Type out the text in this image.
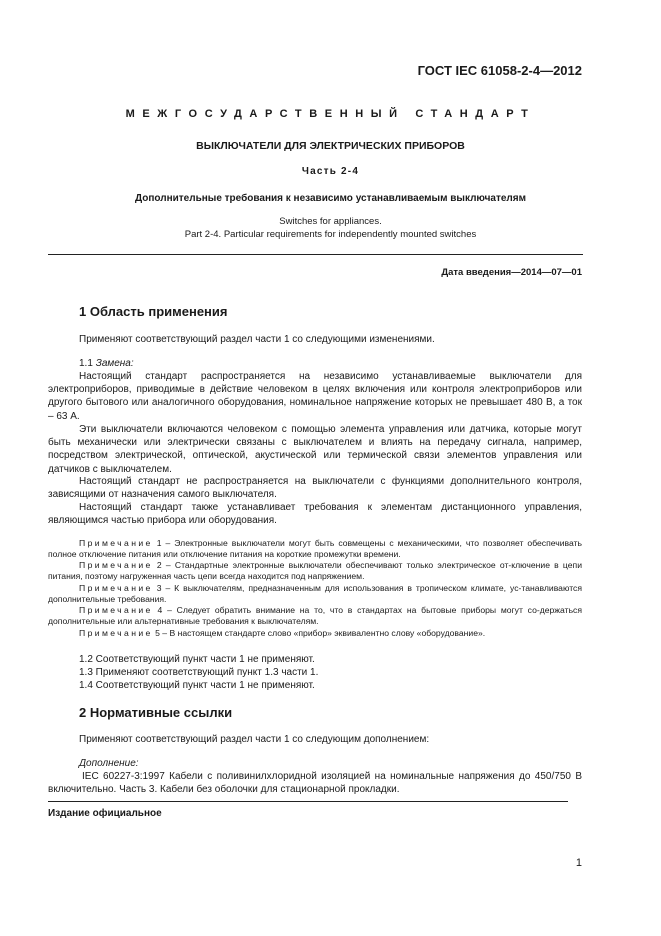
ГОСТ IEC 61058-2-4—2012
МЕЖГОСУДАРСТВЕННЫЙ СТАНДАРТ
ВЫКЛЮЧАТЕЛИ ДЛЯ ЭЛЕКТРИЧЕСКИХ ПРИБОРОВ
Часть 2-4
Дополнительные требования к независимо устанавливаемым выключателям
Switches for appliances.
Part 2-4. Particular requirements for independently mounted switches
Дата введения—2014—07—01
1 Область применения
Применяют соответствующий раздел части 1 со следующими изменениями.
1.1 Замена:
Настоящий стандарт распространяется на независимо устанавливаемые выключатели для электроприборов, приводимые в действие человеком в целях включения или контроля электроприборов или другого бытового или аналогичного оборудования, номинальное напряжение которых не превышает 480 В, а ток – 63 А.
Эти выключатели включаются человеком с помощью элемента управления или датчика, которые могут быть механически или электрически связаны с выключателем и влиять на передачу сигнала, например, посредством электрической, оптической, акустической или термической связи элементов управления или датчиков с выключателем.
Настоящий стандарт не распространяется на выключатели с функциями дополнительного контроля, зависящими от назначения самого выключателя.
Настоящий стандарт также устанавливает требования к элементам дистанционного управления, являющимся частью прибора или оборудования.
Примечание 1 – Электронные выключатели могут быть совмещены с механическими, что позволяет обеспечивать полное отключение питания или отключение питания на короткие промежутки времени.
Примечание 2 – Стандартные электронные выключатели обеспечивают только электрическое от-ключение в цепи питания, поэтому нагруженная часть цепи всегда находится под напряжением.
Примечание 3 – К выключателям, предназначенным для использования в тропическом климате, ус-танавливаются дополнительные требования.
Примечание 4 – Следует обратить внимание на то, что в стандартах на бытовые приборы могут со-держаться дополнительные или альтернативные требования к выключателям.
Примечание 5 – В настоящем стандарте слово «прибор» эквивалентно слову «оборудование».
1.2 Соответствующий пункт части 1 не применяют.
1.3 Применяют соответствующий пункт 1.3 части 1.
1.4 Соответствующий пункт части 1 не применяют.
2 Нормативные ссылки
Применяют соответствующий раздел части 1 со следующим дополнением:
Дополнение:
IEC 60227-3:1997 Кабели с поливинилхлоридной изоляцией на номинальные напряжения до 450/750 В включительно. Часть 3. Кабели без оболочки для стационарной прокладки.
Издание официальное
1
